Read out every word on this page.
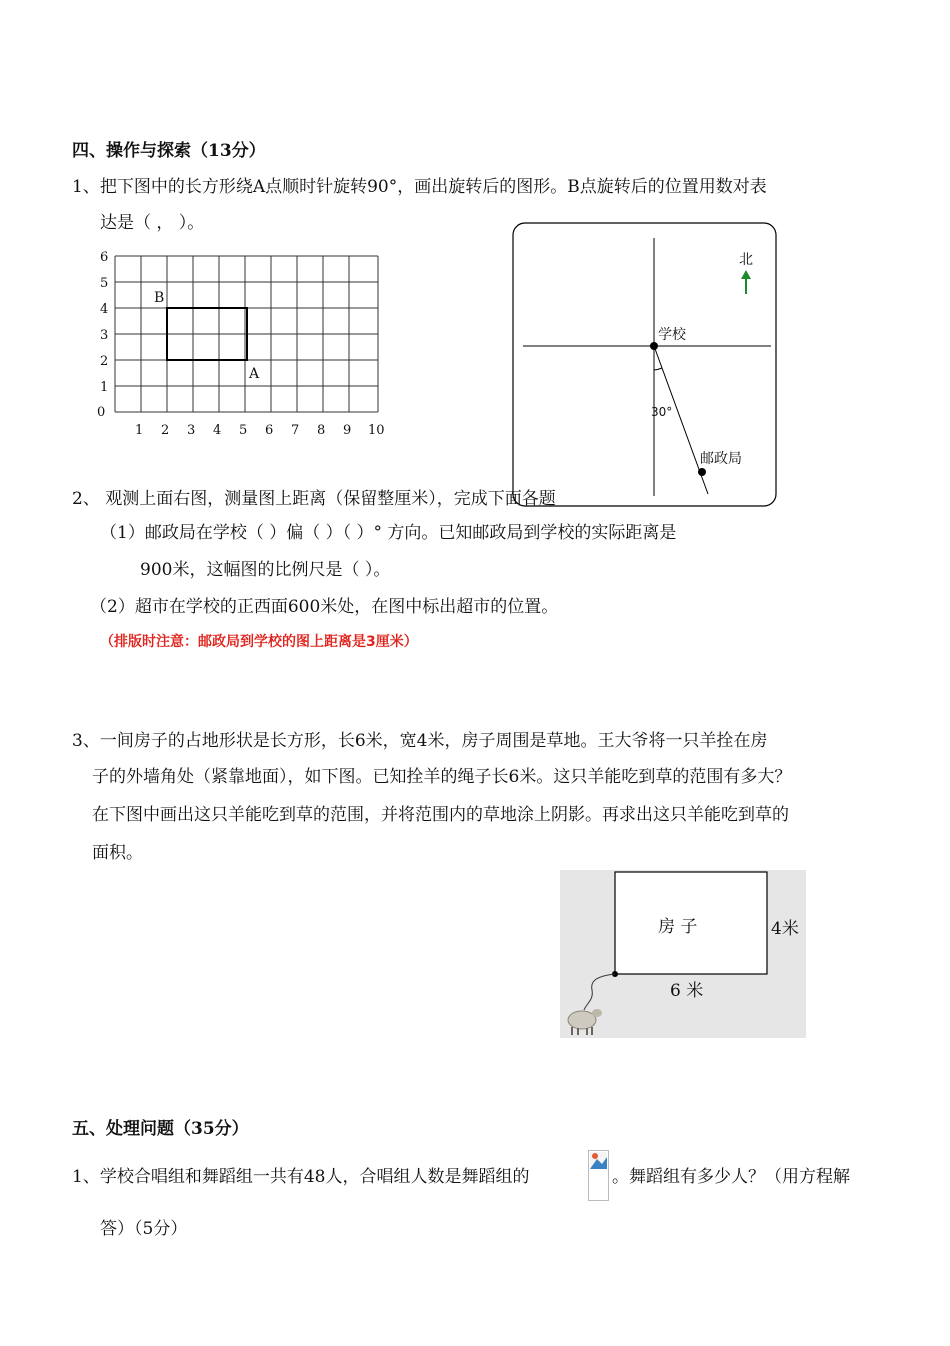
四、操作与探索（13分）
1、把下图中的长方形绕A点顺时针旋转90°，画出旋转后的图形。B点旋转后的位置用数对表
达是（ ， ）。
0
1
2
3
4
5
6
1 2 3 4 5 6 7 8 9 10
B
A
北
学校
30°
邮政局
2、 观测上面右图，测量图上距离（保留整厘米），完成下面各题
（1）邮政局在学校（ ）偏（ ）（ ）° 方向。已知邮政局到学校的实际距离是
900米，这幅图的比例尺是（ ）。
（2）超市在学校的正西面600米处，在图中标出超市的位置。
（排版时注意：邮政局到学校的图上距离是3厘米）
3、一间房子的占地形状是长方形，长6米，宽4米，房子周围是草地。王大爷将一只羊拴在房
子的外墙角处（紧靠地面），如下图。已知拴羊的绳子长6米。这只羊能吃到草的范围有多大？
在下图中画出这只羊能吃到草的范围，并将范围内的草地涂上阴影。再求出这只羊能吃到草的
面积。
房 子	4米
6 米
五、处理问题（35分）
1、学校合唱组和舞蹈组一共有48人，合唱组人数是舞蹈组的	。舞蹈组有多少人？（用方程解
答）（5分）
